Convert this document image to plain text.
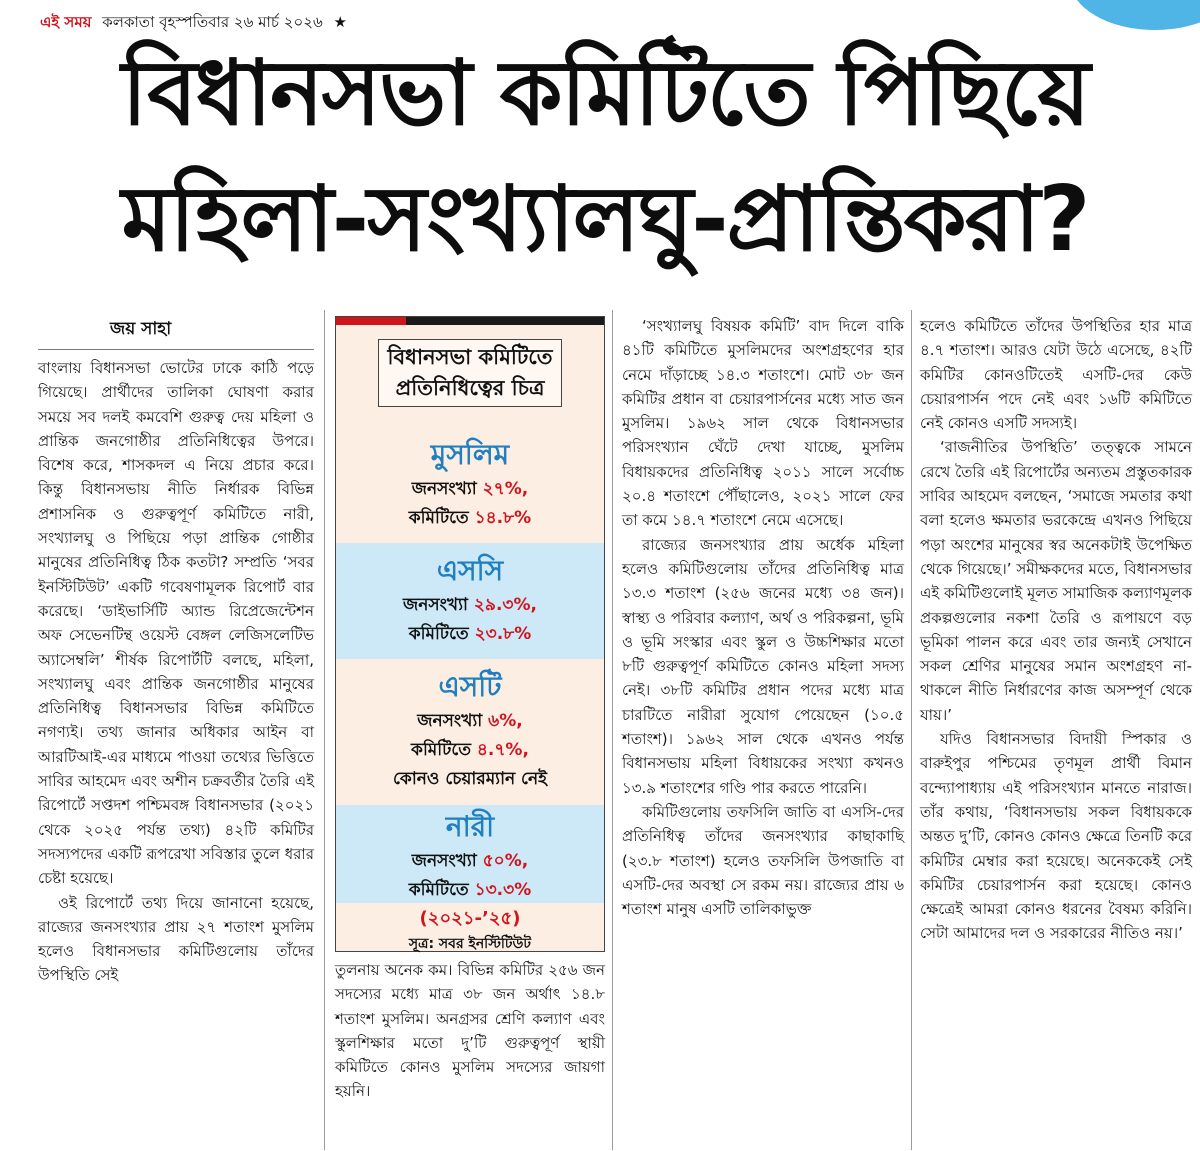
এই সময় কলকাতা বৃহস্পতিবার ২৬ মার্চ ২০২৬ ★
বিধানসভা কমিটিতে পিছিয়ে
মহিলা-সংখ্যালঘু-প্রান্তিকরা?
জয় সাহা

বাংলায় বিধানসভা ভোটের ঢাকে কাঠি পড়ে গিয়েছে। প্রার্থীদের তালিকা ঘোষণা করার সময়ে সব দলই কমবেশি গুরুত্ব দেয় মহিলা ও প্রান্তিক জনগোষ্ঠীর প্রতিনিধিত্বের উপরে। বিশেষ করে, শাসকদল এ নিয়ে প্রচার করে। কিন্তু বিধানসভায় নীতি নির্ধারক বিভিন্ন প্রশাসনিক ও গুরুত্বপূর্ণ কমিটিতে নারী, সংখ্যালঘু ও পিছিয়ে পড়া প্রান্তিক গোষ্ঠীর মানুষের প্রতিনিধিত্ব ঠিক কতটা? সম্প্রতি ‘সবর ইনস্টিটিউট’ একটি গবেষণামূলক রিপোর্ট বার করেছে। ‘ডাইভার্সিটি অ্যান্ড রিপ্রেজেন্টেশন অফ সেভেনটিন্থ ওয়েস্ট বেঙ্গল লেজিসলেটিভ অ্যাসেম্বলি’ শীর্ষক রিপোর্টটি বলছে, মহিলা, সংখ্যালঘু এবং প্রান্তিক জনগোষ্ঠীর মানুষের প্রতিনিধিত্ব বিধানসভার বিভিন্ন কমিটিতে নগণ্যই। তথ্য জানার অধিকার আইন বা আরটিআই-এর মাধ্যমে পাওয়া তথ্যের ভিত্তিতে সাবির আহমেদ এবং অশীন চক্রবর্তীর তৈরি এই রিপোর্টে সপ্তদশ পশ্চিমবঙ্গ বিধানসভার (২০২১ থেকে ২০২৫ পর্যন্ত তথ্য) ৪২টি কমিটির সদস্যপদের একটি রূপরেখা সবিস্তার তুলে ধরার চেষ্টা হয়েছে।

ওই রিপোর্টে তথ্য দিয়ে জানানো হয়েছে, রাজ্যের জনসংখ্যার প্রায় ২৭ শতাংশ মুসলিম হলেও বিধানসভার কমিটিগুলোয় তাঁদের উপস্থিতি সেই

বিধানসভা কমিটিতে
প্রতিনিধিত্বের চিত্র
মুসলিম
জনসংখ্যা ২৭%,
কমিটিতে ১৪.৮%
এসসি
জনসংখ্যা ২৯.৩%,
কমিটিতে ২৩.৮%
এসটি
জনসংখ্যা ৬%,
কমিটিতে ৪.৭%,
কোনও চেয়ারম্যান নেই
নারী
জনসংখ্যা ৫০%,
কমিটিতে ১৩.৩%
(২০২১-’২৫)
সূত্র: সবর ইনস্টিটিউট

তুলনায় অনেক কম। বিভিন্ন কমিটির ২৫৬ জন সদস্যের মধ্যে মাত্র ৩৮ জন অর্থাৎ ১৪.৮ শতাংশ মুসলিম। অনগ্রসর শ্রেণি কল্যাণ এবং স্কুলশিক্ষার মতো দু’টি গুরুত্বপূর্ণ স্থায়ী কমিটিতে কোনও মুসলিম সদস্যের জায়গা হয়নি।

‘সংখ্যালঘু বিষয়ক কমিটি’ বাদ দিলে বাকি ৪১টি কমিটিতে মুসলিমদের অংশগ্রহণের হার নেমে দাঁড়াচ্ছে ১৪.৩ শতাংশে। মোট ৩৮ জন কমিটির প্রধান বা চেয়ারপার্সনের মধ্যে সাত জন মুসলিম। ১৯৬২ সাল থেকে বিধানসভার পরিসংখ্যান ঘেঁটে দেখা যাচ্ছে, মুসলিম বিধায়কদের প্রতিনিধিত্ব ২০১১ সালে সর্বোচ্চ ২০.৪ শতাংশে পৌঁছালেও, ২০২১ সালে ফের তা কমে ১৪.৭ শতাংশে নেমে এসেছে।

রাজ্যের জনসংখ্যার প্রায় অর্ধেক মহিলা হলেও কমিটিগুলোয় তাঁদের প্রতিনিধিত্ব মাত্র ১৩.৩ শতাংশ (২৫৬ জনের মধ্যে ৩৪ জন)। স্বাস্থ্য ও পরিবার কল্যাণ, অর্থ ও পরিকল্পনা, ভূমি ও ভূমি সংস্কার এবং স্কুল ও উচ্চশিক্ষার মতো ৮টি গুরুত্বপূর্ণ কমিটিতে কোনও মহিলা সদস্য নেই। ৩৮টি কমিটির প্রধান পদের মধ্যে মাত্র চারটিতে নারীরা সুযোগ পেয়েছেন (১০.৫ শতাংশ)। ১৯৬২ সাল থেকে এখনও পর্যন্ত বিধানসভায় মহিলা বিধায়কের সংখ্যা কখনও ১৩.৯ শতাংশের গণ্ডি পার করতে পারেনি।

কমিটিগুলোয় তফসিলি জাতি বা এসসি-দের প্রতিনিধিত্ব তাঁদের জনসংখ্যার কাছাকাছি (২৩.৮ শতাংশ) হলেও তফসিলি উপজাতি বা এসটি-দের অবস্থা সে রকম নয়। রাজ্যের প্রায় ৬ শতাংশ মানুষ এসটি তালিকাভুক্ত

হলেও কমিটিতে তাঁদের উপস্থিতির হার মাত্র ৪.৭ শতাংশ। আরও যেটা উঠে এসেছে, ৪২টি কমিটির কোনওটিতেই এসটি-দের কেউ চেয়ারপার্সন পদে নেই এবং ১৬টি কমিটিতে নেই কোনও এসটি সদস্যই।

‘রাজনীতির উপস্থিতি’ তত্ত্বকে সামনে রেখে তৈরি এই রিপোর্টের অন্যতম প্রস্তুতকারক সাবির আহমেদ বলছেন, ‘সমাজে সমতার কথা বলা হলেও ক্ষমতার ভরকেন্দ্রে এখনও পিছিয়ে পড়া অংশের মানুষের স্বর অনেকটাই উপেক্ষিত থেকে গিয়েছে।’ সমীক্ষকদের মতে, বিধানসভার এই কমিটিগুলোই মূলত সামাজিক কল্যাণমূলক প্রকল্পগুলোর নকশা তৈরি ও রূপায়ণে বড় ভূমিকা পালন করে এবং তার জন্যই সেখানে সকল শ্রেণির মানুষের সমান অংশগ্রহণ না-থাকলে নীতি নির্ধারণের কাজ অসম্পূর্ণ থেকে যায়।’

যদিও বিধানসভার বিদায়ী স্পিকার ও বারুইপুর পশ্চিমের তৃণমূল প্রার্থী বিমান বন্দ্যোপাধ্যায় এই পরিসংখ্যান মানতে নারাজ। তাঁর কথায়, ‘বিধানসভায় সকল বিধায়ককে অন্তত দু’টি, কোনও কোনও ক্ষেত্রে তিনটি করে কমিটির মেম্বার করা হয়েছে। অনেককেই সেই কমিটির চেয়ারপার্সন করা হয়েছে। কোনও ক্ষেত্রেই আমরা কোনও ধরনের বৈষম্য করিনি। সেটা আমাদের দল ও সরকারের নীতিও নয়।’
